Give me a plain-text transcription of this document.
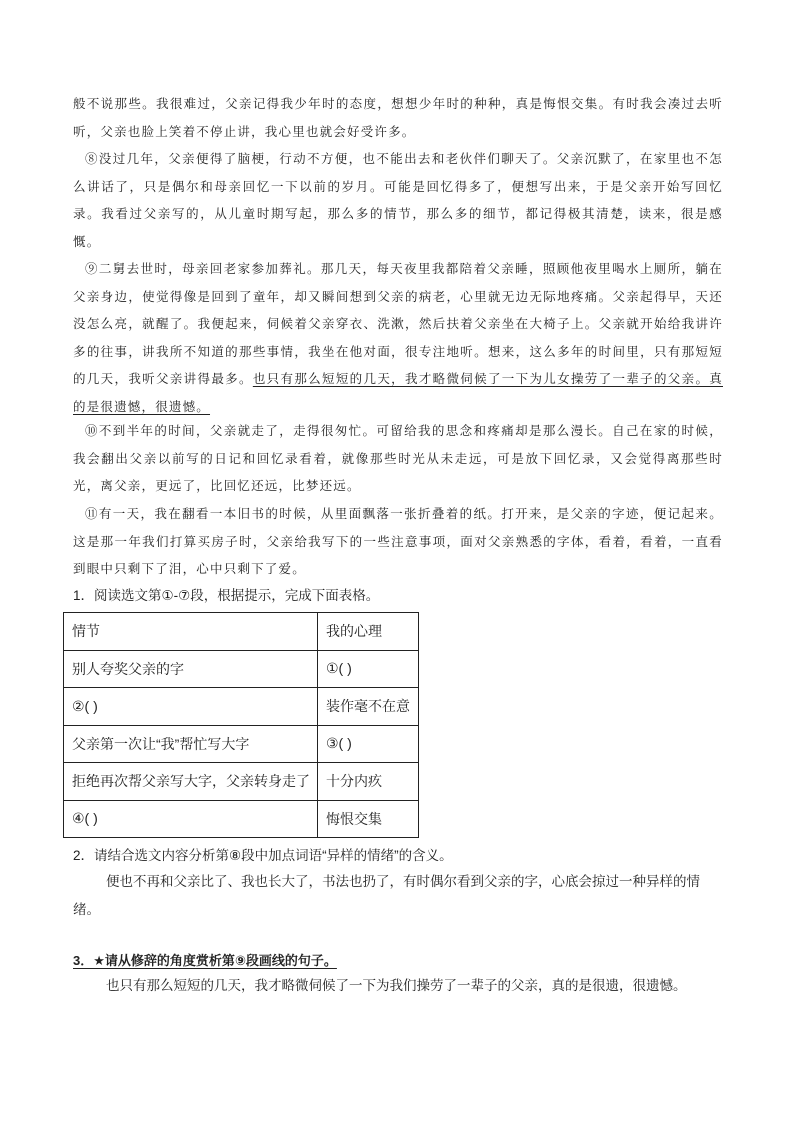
般不说那些。我很难过，父亲记得我少年时的态度，想想少年时的种种，真是悔恨交集。有时我会凑过去听听，父亲也脸上笑着不停止讲，我心里也就会好受许多。

⑧没过几年，父亲便得了脑梗，行动不方便，也不能出去和老伙伴们聊天了。父亲沉默了，在家里也不怎么讲话了，只是偶尔和母亲回忆一下以前的岁月。可能是回忆得多了，便想写出来，于是父亲开始写回忆录。我看过父亲写的，从儿童时期写起，那么多的情节，那么多的细节，都记得极其清楚，读来，很是感慨。

⑨二舅去世时，母亲回老家参加葬礼。那几天，每天夜里我都陪着父亲睡，照顾他夜里喝水上厕所，躺在父亲身边，使觉得像是回到了童年，却又瞬间想到父亲的病老，心里就无边无际地疼痛。父亲起得早，天还没怎么亮，就醒了。我便起来，伺候着父亲穿衣、洗漱，然后扶着父亲坐在大椅子上。父亲就开始给我讲许多的往事，讲我所不知道的那些事情，我坐在他对面，很专注地听。想来，这么多年的时间里，只有那短短的几天，我听父亲讲得最多。也只有那么短短的几天，我才略微伺候了一下为儿女操劳了一辈子的父亲。真的是很遗憾，很遗憾。

⑩不到半年的时间，父亲就走了，走得很匆忙。可留给我的思念和疼痛却是那么漫长。自己在家的时候，我会翻出父亲以前写的日记和回忆录看着，就像那些时光从未走远，可是放下回忆录，又会觉得离那些时光，离父亲，更远了，比回忆还远，比梦还远。

⑪有一天，我在翻看一本旧书的时候，从里面飘落一张折叠着的纸。打开来，是父亲的字迹，便记起来。这是那一年我们打算买房子时，父亲给我写下的一些注意事项，面对父亲熟悉的字体，看着，看着，一直看到眼中只剩下了泪，心中只剩下了爱。

1．阅读选文第①-⑦段，根据提示，完成下面表格。

情节	我的心理
别人夸奖父亲的字	①( )
②( )	装作毫不在意
父亲第一次让“我”帮忙写大字	③( )
拒绝再次帮父亲写大字，父亲转身走了	十分内疚
④( )	悔恨交集

2．请结合选文内容分析第⑧段中加点词语“异样的情绪”的含义。

便也不再和父亲比了、我也长大了，书法也扔了，有时偶尔看到父亲的字，心底会掠过一种异样的情绪。

3．★请从修辞的角度赏析第⑨段画线的句子。

也只有那么短短的几天，我才略微伺候了一下为我们操劳了一辈子的父亲，真的是很遗，很遗憾。
